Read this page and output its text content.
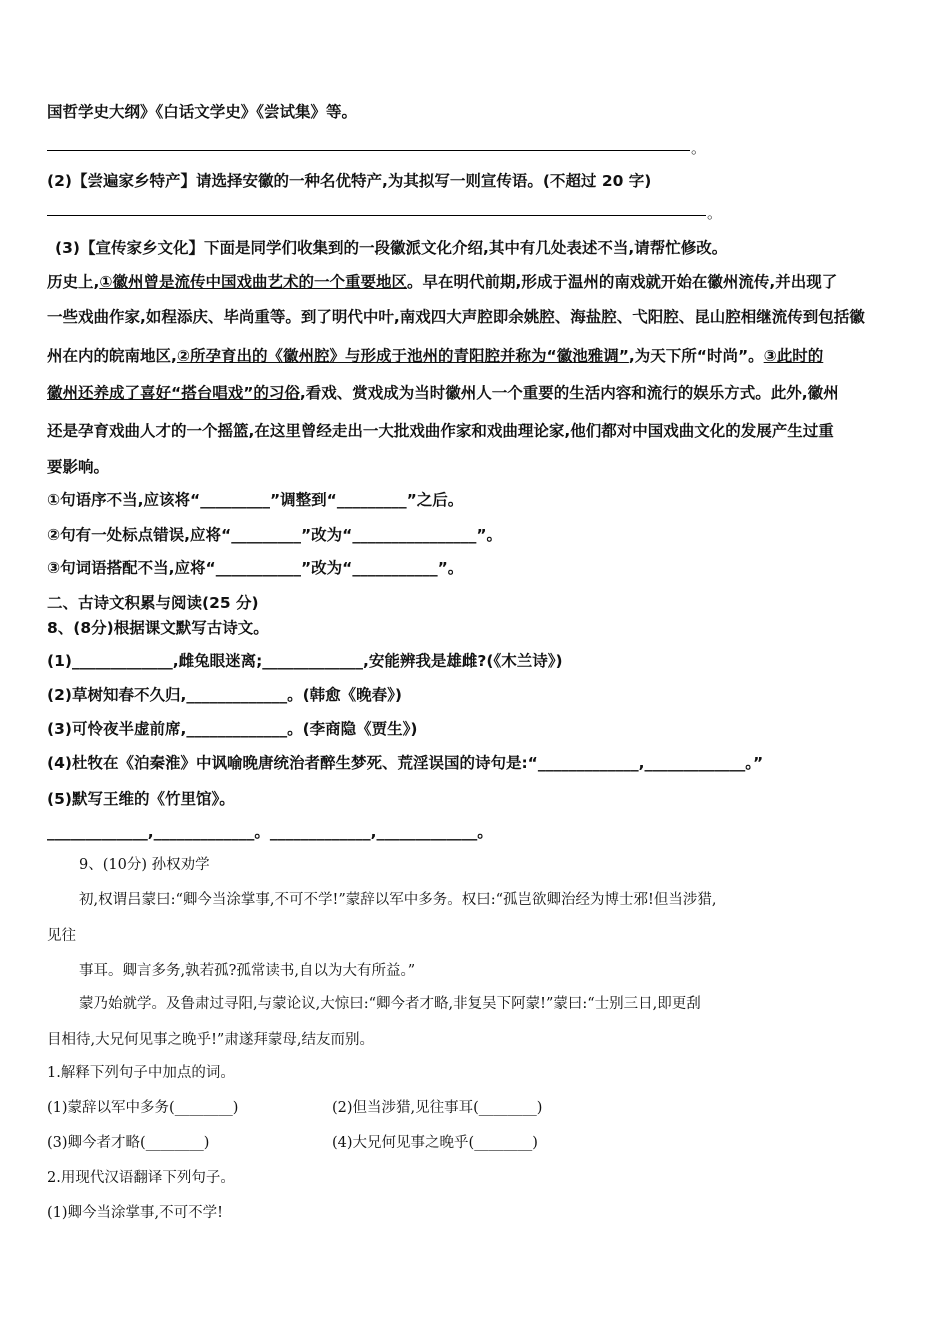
国哲学史大纲》《白话文学史》《尝试集》等。
。
(2)【尝遍家乡特产】请选择安徽的一种名优特产,为其拟写一则宣传语。(不超过 20 字)
。
(3)【宣传家乡文化】下面是同学们收集到的一段徽派文化介绍,其中有几处表述不当,请帮忙修改。
历史上,①徽州曾是流传中国戏曲艺术的一个重要地区。早在明代前期,形成于温州的南戏就开始在徽州流传,并出现了
一些戏曲作家,如程添庆、毕尚重等。到了明代中叶,南戏四大声腔即余姚腔、海盐腔、弋阳腔、昆山腔相继流传到包括徽
州在内的皖南地区,②所孕育出的《徽州腔》与形成于池州的青阳腔并称为“徽池雅调”,为天下所“时尚”。③此时的
徽州还养成了喜好“搭台唱戏”的习俗,看戏、赏戏成为当时徽州人一个重要的生活内容和流行的娱乐方式。此外,徽州
还是孕育戏曲人才的一个摇篮,在这里曾经走出一大批戏曲作家和戏曲理论家,他们都对中国戏曲文化的发展产生过重
要影响。
①句语序不当,应该将“_________”调整到“_________”之后。
②句有一处标点错误,应将“_________”改为“________________”。
③句词语搭配不当,应将“___________”改为“___________”。
二、古诗文积累与阅读(25 分)
8、(8分)根据课文默写古诗文。
(1)_____________,雌兔眼迷离;_____________,安能辨我是雄雌?(《木兰诗》)
(2)草树知春不久归,_____________。(韩愈《晚春》)
(3)可怜夜半虚前席,_____________。(李商隐《贾生》)
(4)杜牧在《泊秦淮》中讽喻晚唐统治者醉生梦死、荒淫误国的诗句是:“_____________,_____________。”
(5)默写王维的《竹里馆》。
_____________,_____________。_____________,_____________。
9、(10分) 孙权劝学
初,权谓吕蒙曰:“卿今当涂掌事,不可不学!”蒙辞以军中多务。权曰:“孤岂欲卿治经为博士邪!但当涉猎,
见往
事耳。卿言多务,孰若孤?孤常读书,自以为大有所益。”
蒙乃始就学。及鲁肃过寻阳,与蒙论议,大惊曰:“卿今者才略,非复吴下阿蒙!”蒙曰:“士别三日,即更刮
目相待,大兄何见事之晚乎!”肃遂拜蒙母,结友而别。
1.解释下列句子中加点的词。
(1)蒙辞以军中多务(________)	(2)但当涉猎,见往事耳(________)
(3)卿今者才略(________)	(4)大兄何见事之晚乎(________)
2.用现代汉语翻译下列句子。
(1)卿今当涂掌事,不可不学!
